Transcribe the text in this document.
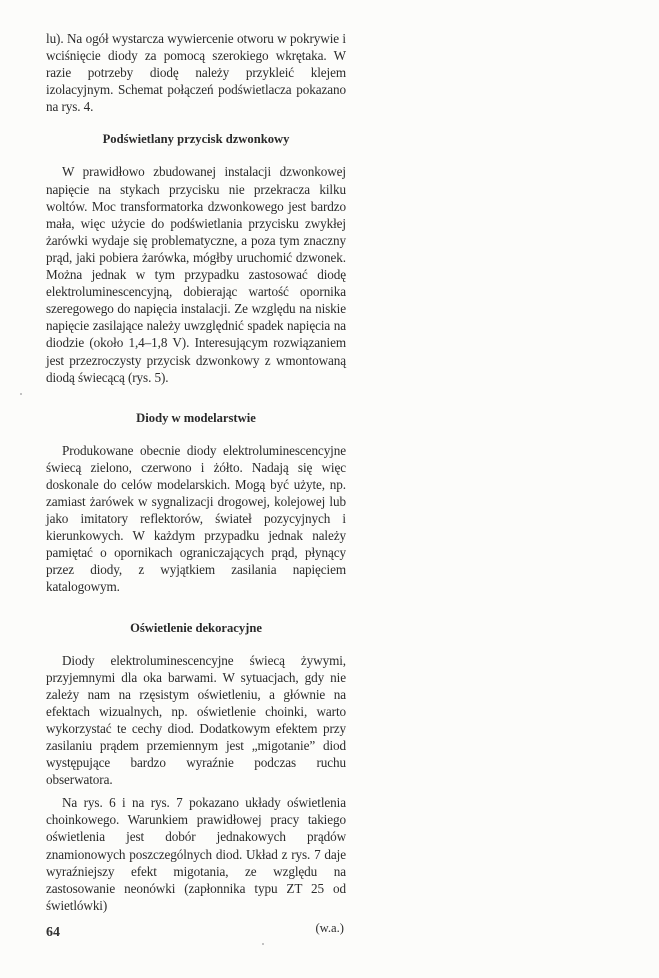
lu). Na ogół wystarcza wywiercenie otworu w pokrywie i wciśnięcie diody za pomocą szerokiego wkrętaka. W razie potrzeby diodę należy przykleić klejem izolacyjnym. Schemat połączeń podświetlacza pokazano na rys. 4.

Podświetlany przycisk dzwonkowy

W prawidłowo zbudowanej instalacji dzwonkowej napięcie na stykach przycisku nie przekracza kilku woltów. Moc transformatorka dzwonkowego jest bardzo mała, więc użycie do podświetlania przycisku zwykłej żarówki wydaje się problematyczne, a poza tym znaczny prąd, jaki pobiera żarówka, mógłby uruchomić dzwonek. Można jednak w tym przypadku zastosować diodę elektroluminescencyjną, dobierając wartość opornika szeregowego do napięcia instalacji. Ze względu na niskie napięcie zasilające należy uwzględnić spadek napięcia na diodzie (około 1,4–1,8 V). Interesującym rozwiązaniem jest przezroczysty przycisk dzwonkowy z wmontowaną diodą świecącą (rys. 5).

Diody w modelarstwie

Produkowane obecnie diody elektroluminescencyjne świecą zielono, czerwono i żółto. Nadają się więc doskonale do celów modelarskich. Mogą być użyte, np. zamiast żarówek w sygnalizacji drogowej, kolejowej lub jako imitatory reflektorów, świateł pozycyjnych i kierunkowych. W każdym przypadku jednak należy pamiętać o opornikach ograniczających prąd, płynący przez diody, z wyjątkiem zasilania napięciem katalogowym.

Oświetlenie dekoracyjne

Diody elektroluminescencyjne świecą żywymi, przyjemnymi dla oka barwami. W sytuacjach, gdy nie zależy nam na rzęsistym oświetleniu, a głównie na efektach wizualnych, np. oświetlenie choinki, warto wykorzystać te cechy diod. Dodatkowym efektem przy zasilaniu prądem przemiennym jest „migotanie” diod występujące bardzo wyraźnie podczas ruchu obserwatora.

Na rys. 6 i na rys. 7 pokazano układy oświetlenia choinkowego. Warunkiem prawidłowej pracy takiego oświetlenia jest dobór jednakowych prądów znamionowych poszczególnych diod. Układ z rys. 7 daje wyraźniejszy efekt migotania, ze względu na zastosowanie neonówki (zapłonnika typu ZT 25 od świetlówki)

(w.a.)

64
